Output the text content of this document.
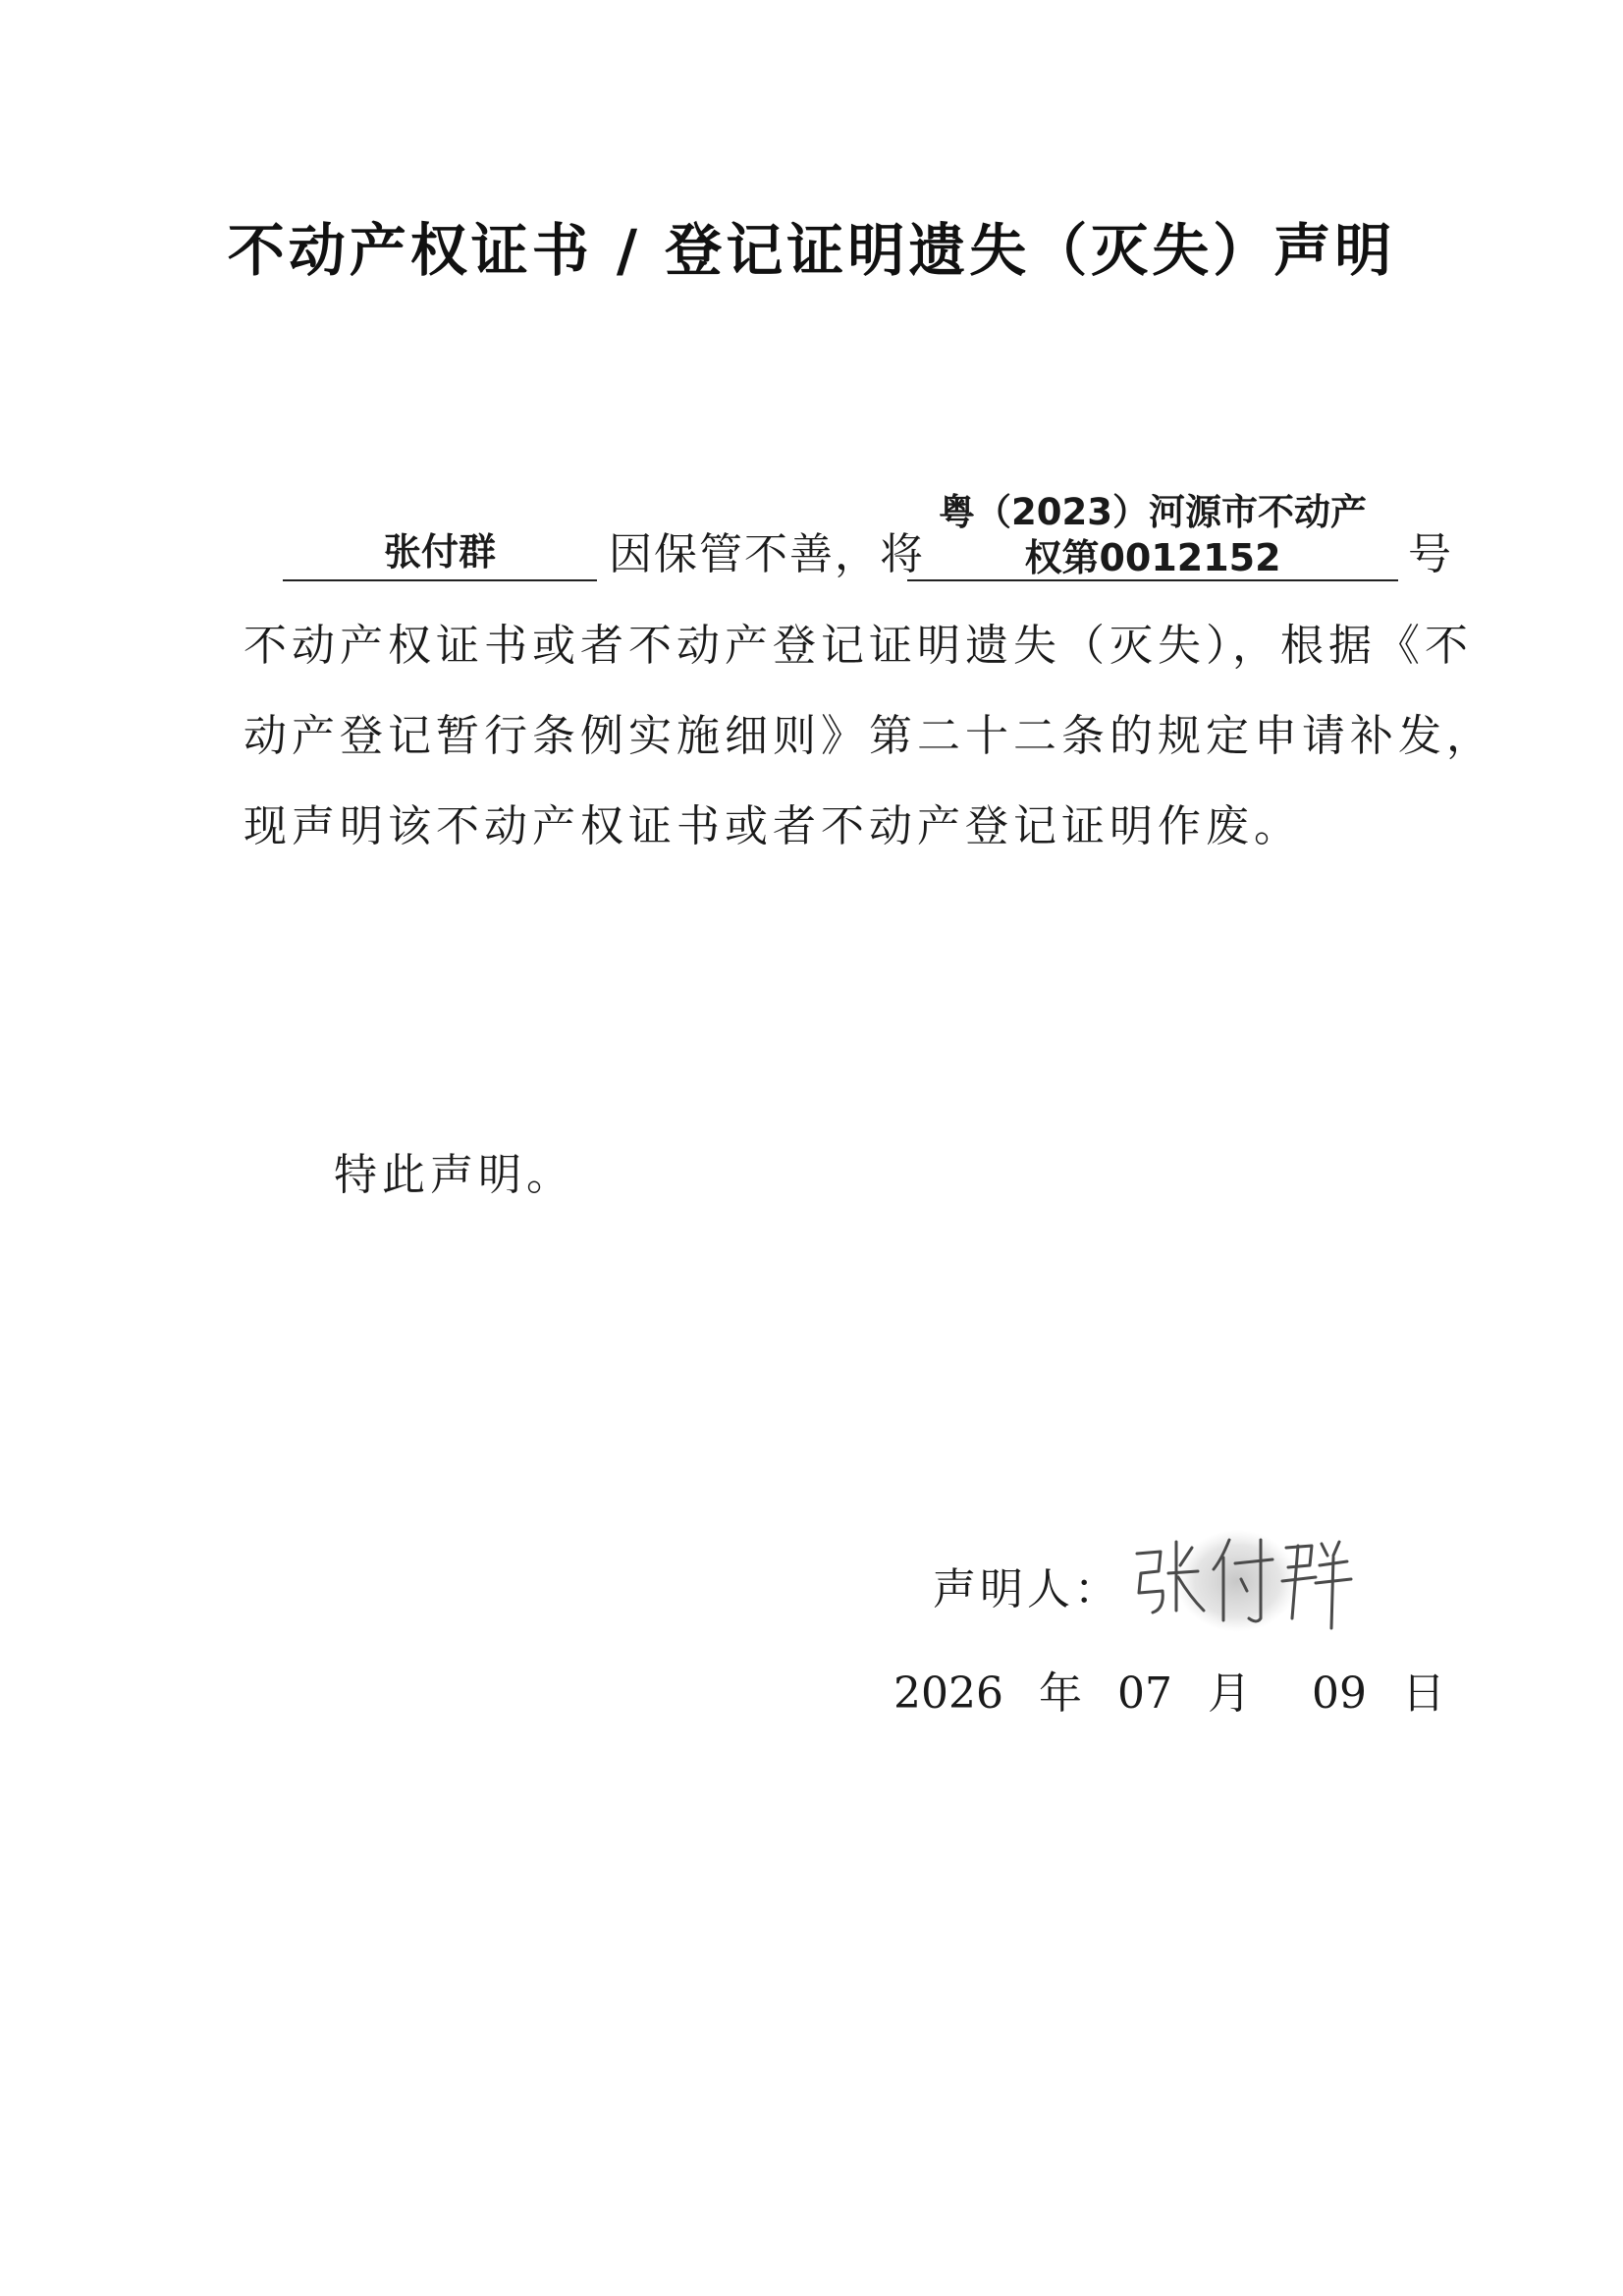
不动产权证书 / 登记证明遗失（灭失）声明
张付群	因保管不善，将
粤（2023）河源市不动产
权第0012152	号
不动产权证书或者不动产登记证明遗失（灭失），根据《不
动产登记暂行条例实施细则》第二十二条的规定申请补发，
现声明该不动产权证书或者不动产登记证明作废。
特此声明。
声明人：
2026 年 07 月 09 日
